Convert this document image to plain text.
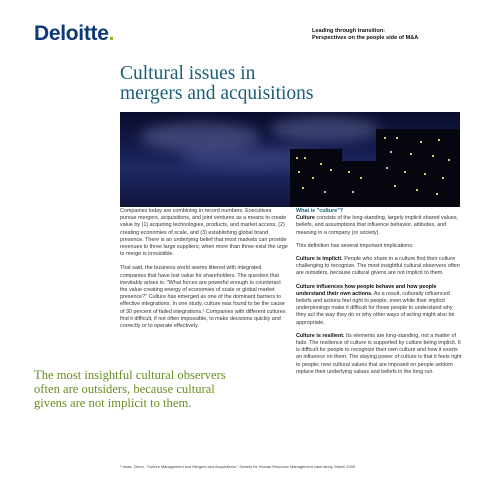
Deloitte.	Leading through transition:
Perspectives on the people side of M&A
Cultural issues in
mergers and acquisitions

Companies today are combining in record numbers. Executives pursue mergers, acquisitions, and joint ventures as a means to create value by (1) acquiring technologies, products, and market access, (2) creating economies of scale, and (3) establishing global brand presence. There is an underlying belief that most markets can provide revenues to three large suppliers; when more than three exist the urge to merge is irresistible.

That said, the business world seems littered with integrated companies that have lost value for shareholders. The question that inevitably arises is: "What forces are powerful enough to counteract the value-creating energy of economies of scale or global market presence?" Culture has emerged as one of the dominant barriers to effective integrations. In one study, culture was found to be the cause of 30 percent of failed integrations.¹ Companies with different cultures find it difficult, if not often impossible, to make decisions quickly and correctly or to operate effectively.

What is "culture"?
Culture consists of the long-standing, largely implicit shared values, beliefs, and assumptions that influence behavior, attitudes, and meaning in a company (or society).

This definition has several important implications:

Culture is implicit. People who share in a culture find their culture challenging to recognize. The most insightful cultural observers often are outsiders, because cultural givens are not implicit to them.

Culture influences how people behave and how people understand their own actions. As a result, culturally influenced beliefs and actions feel right to people, even while their implicit underpinnings make it difficult for those people to understand why they act the way they do or why other ways of acting might also be appropriate.

Culture is resilient. Its elements are long-standing, not a matter of fads. The resilience of culture is supported by culture being implicit. It is difficult for people to recognize their own culture and how it exerts an influence on them. The staying power of culture is that it feels right to people; new cultural values that are imposed on people seldom replace their underlying values and beliefs in the long run.

The most insightful cultural observers
often are outsiders, because cultural
givens are not implicit to them.
¹ Isaac, Dixon, "Culture Management and Mergers and Acquisitions," Society for Human Resource Management case study, March 2005.
